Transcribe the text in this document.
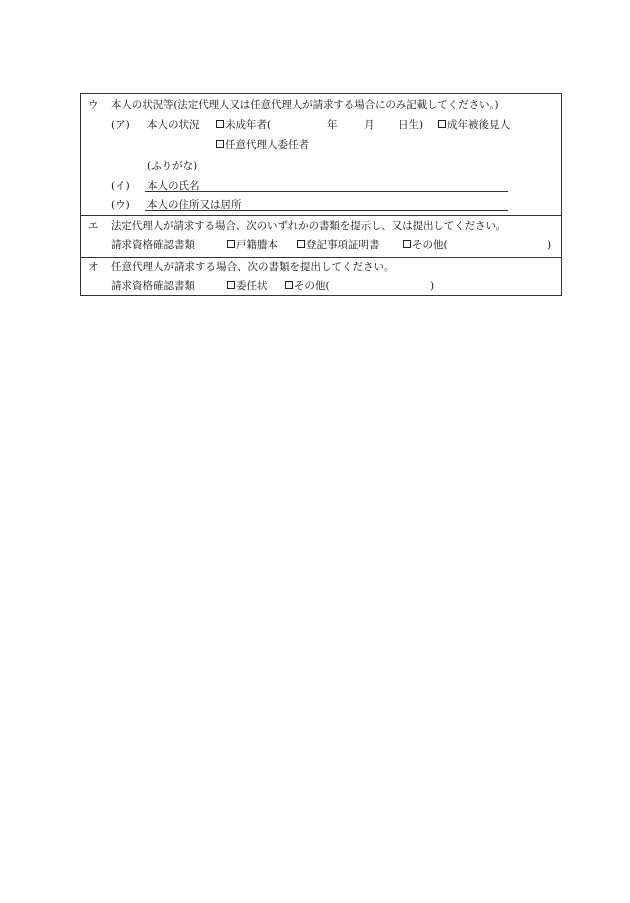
ウ 本人の状況等(法定代理人又は任意代理人が請求する場合にのみ記載してください。)
(ア) 本人の状況	未成年者(	年	月 日生)	成年被後見人
任意代理人委任者
(ふりがな)
(イ) 本人の氏名
(ウ) 本人の住所又は居所
エ 法定代理人が請求する場合、次のいずれかの書類を提示し、又は提出してください。
請求資格確認書類	戸籍謄本	登記事項証明書	その他(	)
オ 任意代理人が請求する場合、次の書類を提出してください。
請求資格確認書類	委任状	その他(	)
